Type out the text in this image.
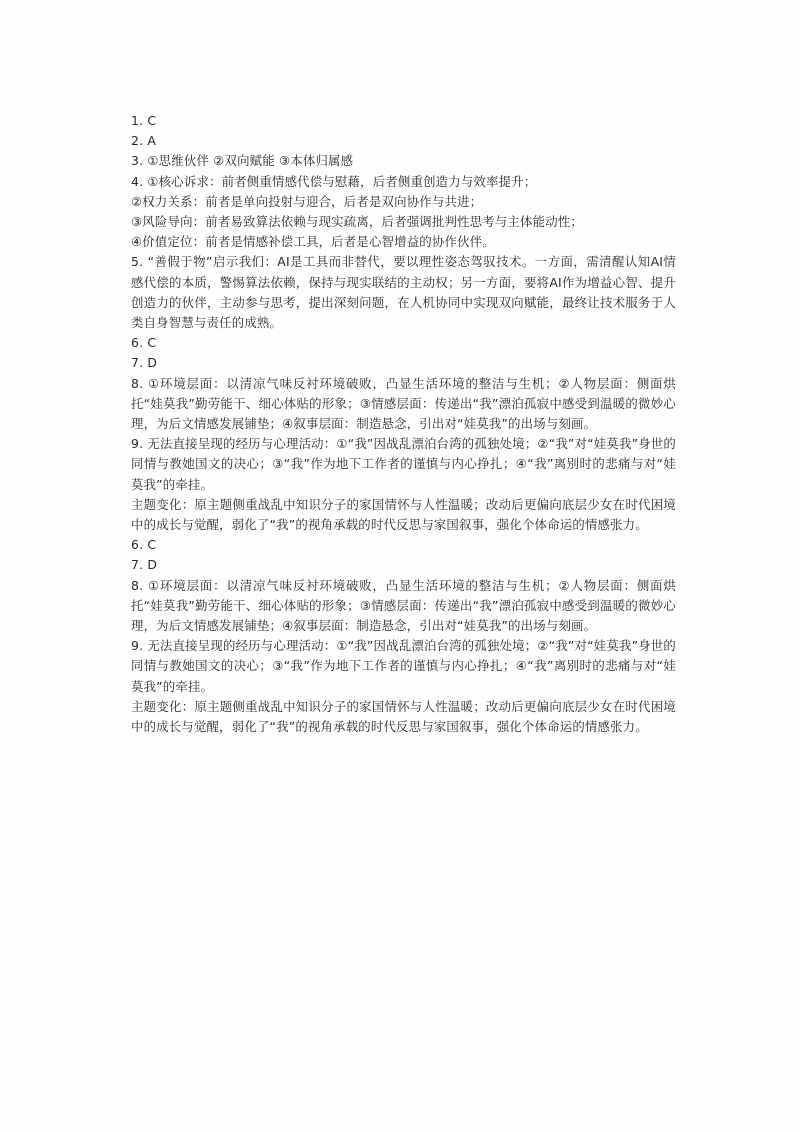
1. C
2. A
3. ①思维伙伴 ②双向赋能 ③本体归属感
4. ①核心诉求：前者侧重情感代偿与慰藉，后者侧重创造力与效率提升；
②权力关系：前者是单向投射与迎合，后者是双向协作与共进；
③风险导向：前者易致算法依赖与现实疏离，后者强调批判性思考与主体能动性；
④价值定位：前者是情感补偿工具，后者是心智增益的协作伙伴。
5. “善假于物”启示我们：AI是工具而非替代，要以理性姿态驾驭技术。一方面，需清醒认知AI情感代偿的本质，警惕算法依赖，保持与现实联结的主动权；另一方面，要将AI作为增益心智、提升创造力的伙伴，主动参与思考，提出深刻问题，在人机协同中实现双向赋能，最终让技术服务于人类自身智慧与责任的成熟。
6. C
7. D
8. ①环境层面：以清凉气味反衬环境破败，凸显生活环境的整洁与生机；②人物层面：侧面烘托“娃莫我”勤劳能干、细心体贴的形象；③情感层面：传递出“我”漂泊孤寂中感受到温暖的微妙心理，为后文情感发展铺垫；④叙事层面：制造悬念，引出对“娃莫我”的出场与刻画。
9. 无法直接呈现的经历与心理活动：①“我”因战乱漂泊台湾的孤独处境；②“我”对“娃莫我”身世的同情与教她国文的决心；③“我”作为地下工作者的谨慎与内心挣扎；④“我”离别时的悲痛与对“娃莫我”的牵挂。
主题变化：原主题侧重战乱中知识分子的家国情怀与人性温暖；改动后更偏向底层少女在时代困境中的成长与觉醒，弱化了“我”的视角承载的时代反思与家国叙事，强化个体命运的情感张力。
6. C
7. D
8. ①环境层面：以清凉气味反衬环境破败，凸显生活环境的整洁与生机；②人物层面：侧面烘托“娃莫我”勤劳能干、细心体贴的形象；③情感层面：传递出“我”漂泊孤寂中感受到温暖的微妙心理，为后文情感发展铺垫；④叙事层面：制造悬念，引出对“娃莫我”的出场与刻画。
9. 无法直接呈现的经历与心理活动：①“我”因战乱漂泊台湾的孤独处境；②“我”对“娃莫我”身世的同情与教她国文的决心；③“我”作为地下工作者的谨慎与内心挣扎；④“我”离别时的悲痛与对“娃莫我”的牵挂。
主题变化：原主题侧重战乱中知识分子的家国情怀与人性温暖；改动后更偏向底层少女在时代困境中的成长与觉醒，弱化了“我”的视角承载的时代反思与家国叙事，强化个体命运的情感张力。
